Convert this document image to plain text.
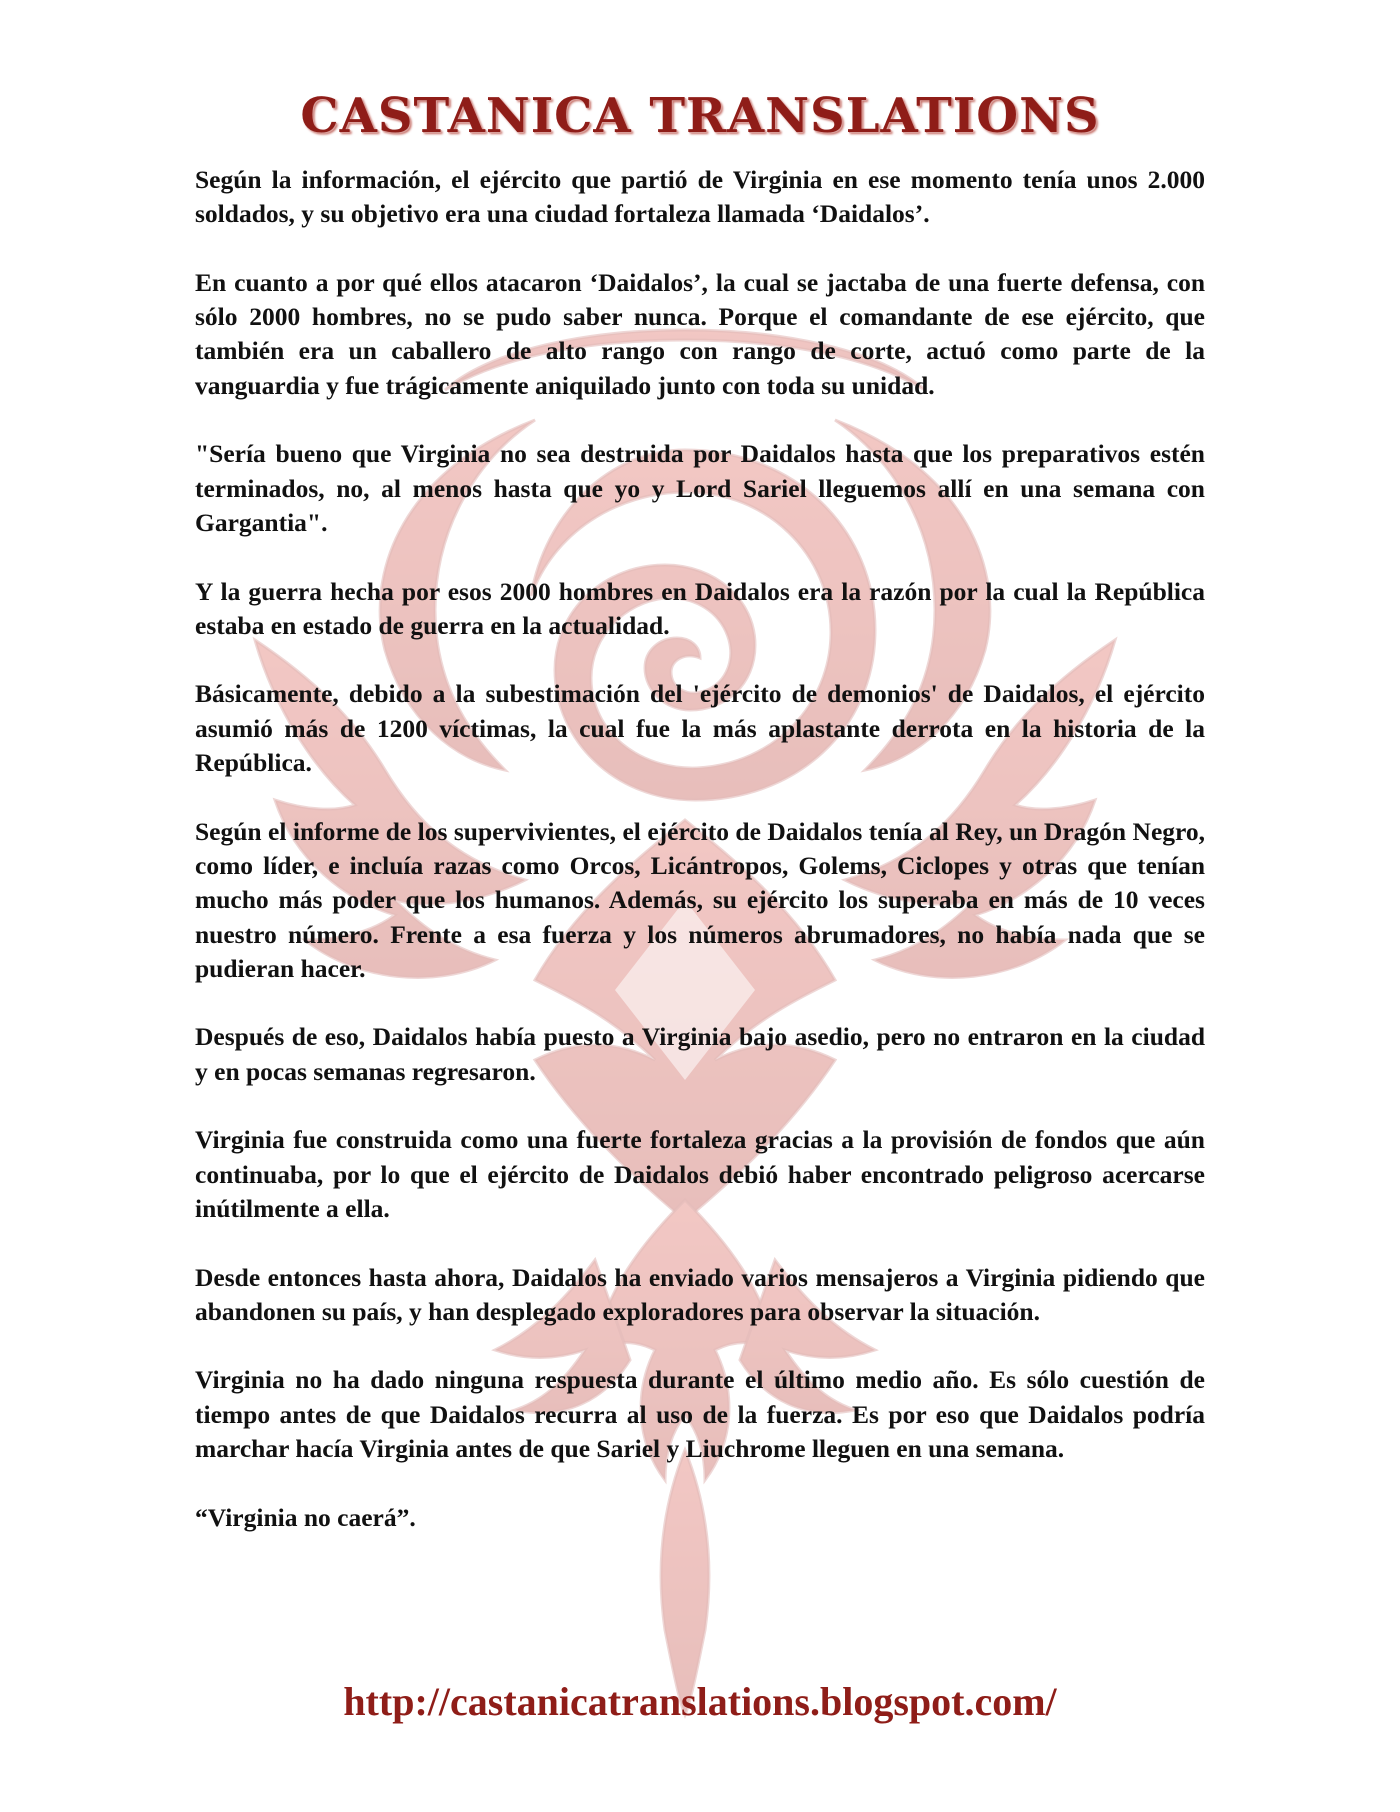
CASTANICA TRANSLATIONS

Según la información, el ejército que partió de Virginia en ese momento tenía unos 2.000 soldados, y su objetivo era una ciudad fortaleza llamada ‘Daidalos’.

En cuanto a por qué ellos atacaron ‘Daidalos’, la cual se jactaba de una fuerte defensa, con sólo 2000 hombres, no se pudo saber nunca. Porque el comandante de ese ejército, que también era un caballero de alto rango con rango de corte, actuó como parte de la vanguardia y fue trágicamente aniquilado junto con toda su unidad.

"Sería bueno que Virginia no sea destruida por Daidalos hasta que los preparativos estén terminados, no, al menos hasta que yo y Lord Sariel lleguemos allí en una semana con Gargantia".

Y la guerra hecha por esos 2000 hombres en Daidalos era la razón por la cual la República estaba en estado de guerra en la actualidad.

Básicamente, debido a la subestimación del 'ejército de demonios' de Daidalos, el ejército asumió más de 1200 víctimas, la cual fue la más aplastante derrota en la historia de la República.

Según el informe de los supervivientes, el ejército de Daidalos tenía al Rey, un Dragón Negro, como líder, e incluía razas como Orcos, Licántropos, Golems, Ciclopes y otras que tenían mucho más poder que los humanos. Además, su ejército los superaba en más de 10 veces nuestro número. Frente a esa fuerza y los números abrumadores, no había nada que se pudieran hacer.

Después de eso, Daidalos había puesto a Virginia bajo asedio, pero no entraron en la ciudad y en pocas semanas regresaron.

Virginia fue construida como una fuerte fortaleza gracias a la provisión de fondos que aún continuaba, por lo que el ejército de Daidalos debió haber encontrado peligroso acercarse inútilmente a ella.

Desde entonces hasta ahora, Daidalos ha enviado varios mensajeros a Virginia pidiendo que abandonen su país, y han desplegado exploradores para observar la situación.

Virginia no ha dado ninguna respuesta durante el último medio año. Es sólo cuestión de tiempo antes de que Daidalos recurra al uso de la fuerza. Es por eso que Daidalos podría marchar hacía Virginia antes de que Sariel y Liuchrome lleguen en una semana.

“Virginia no caerá”.

http://castanicatranslations.blogspot.com/
